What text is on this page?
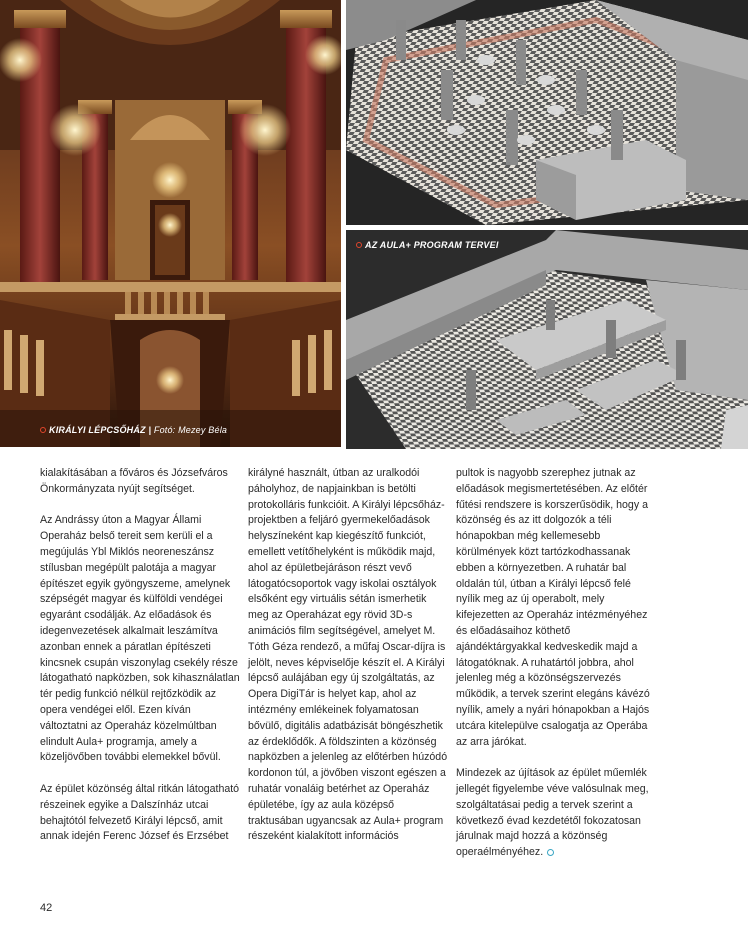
KIRÁLYI LÉPCSŐHÁZ | Fotó: Mezey Béla
AZ AULA+ PROGRAM TERVEI

kialakításában a főváros és Józsefváros Önkormányzata nyújt segítséget.

Az Andrássy úton a Magyar Állami Operaház belső tereit sem kerüli el a megújulás Ybl Miklós neoreneszánsz stílusban megépült palotája a magyar építészet egyik gyöngyszeme, amelynek szépségét magyar és külföldi vendégei egyaránt csodálják. Az előadások és idegenvezetések alkalmait leszámítva azonban ennek a páratlan építészeti kincsnek csupán viszonylag csekély része látogatható napközben, sok kihasználatlan tér pedig funkció nélkül rejtőzködik az opera vendégei elől. Ezen kíván változtatni az Operaház közelmúltban elindult Aula+ programja, amely a közeljövőben további elemekkel bővül.

Az épület közönség által ritkán látogatható részeinek egyike a Dalszínház utcai behajtótól felvezető Királyi lépcső, amit annak idején Ferenc József és Erzsébet

királyné használt, útban az uralkodói páholyhoz, de napjainkban is betölti protokolláris funkcióit. A Királyi lépcsőház-projektben a feljáró gyermekelőadások helyszíneként kap kiegészítő funkciót, emellett vetítőhelyként is működik majd, ahol az épületbejáráson részt vevő látogatócsoportok vagy iskolai osztályok elsőként egy virtuális sétán ismerhetik meg az Operaházat egy rövid 3D-s animációs film segítségével, amelyet M. Tóth Géza rendező, a műfaj Oscar-díjra is jelölt, neves képviselője készít el. A Királyi lépcső aulájában egy új szolgáltatás, az Opera DigiTár is helyet kap, ahol az intézmény emlékeinek folyamatosan bővülő, digitális adatbázisát böngészhetik az érdeklődők. A földszinten a közönség napközben a jelenleg az előtérben húzódó kordonon túl, a jövőben viszont egészen a ruhatár vonaláig betérhet az Operaház épületébe, így az aula középső traktusában ugyancsak az Aula+ program részeként kialakított információs

pultok is nagyobb szerephez jutnak az előadások megismertetésében. Az előtér fűtési rendszere is korszerűsödik, hogy a közönség és az itt dolgozók a téli hónapokban még kellemesebb körülmények közt tartózkodhassanak ebben a környezetben. A ruhatár bal oldalán túl, útban a Királyi lépcső felé nyílik meg az új operabolt, mely kifejezetten az Operaház intézményéhez és előadásaihoz köthető ajándéktárgyakkal kedveskedik majd a látogatóknak. A ruhatártól jobbra, ahol jelenleg még a közönségszervezés működik, a tervek szerint elegáns kávézó nyílik, amely a nyári hónapokban a Hajós utcára kitelepülve csalogatja az Operába az arra járókat.

Mindezek az újítások az épület műemlék jellegét figyelembe véve valósulnak meg, szolgáltatásai pedig a tervek szerint a következő évad kezdetétől fokozatosan járulnak majd hozzá a közönség operaélményéhez.

42
